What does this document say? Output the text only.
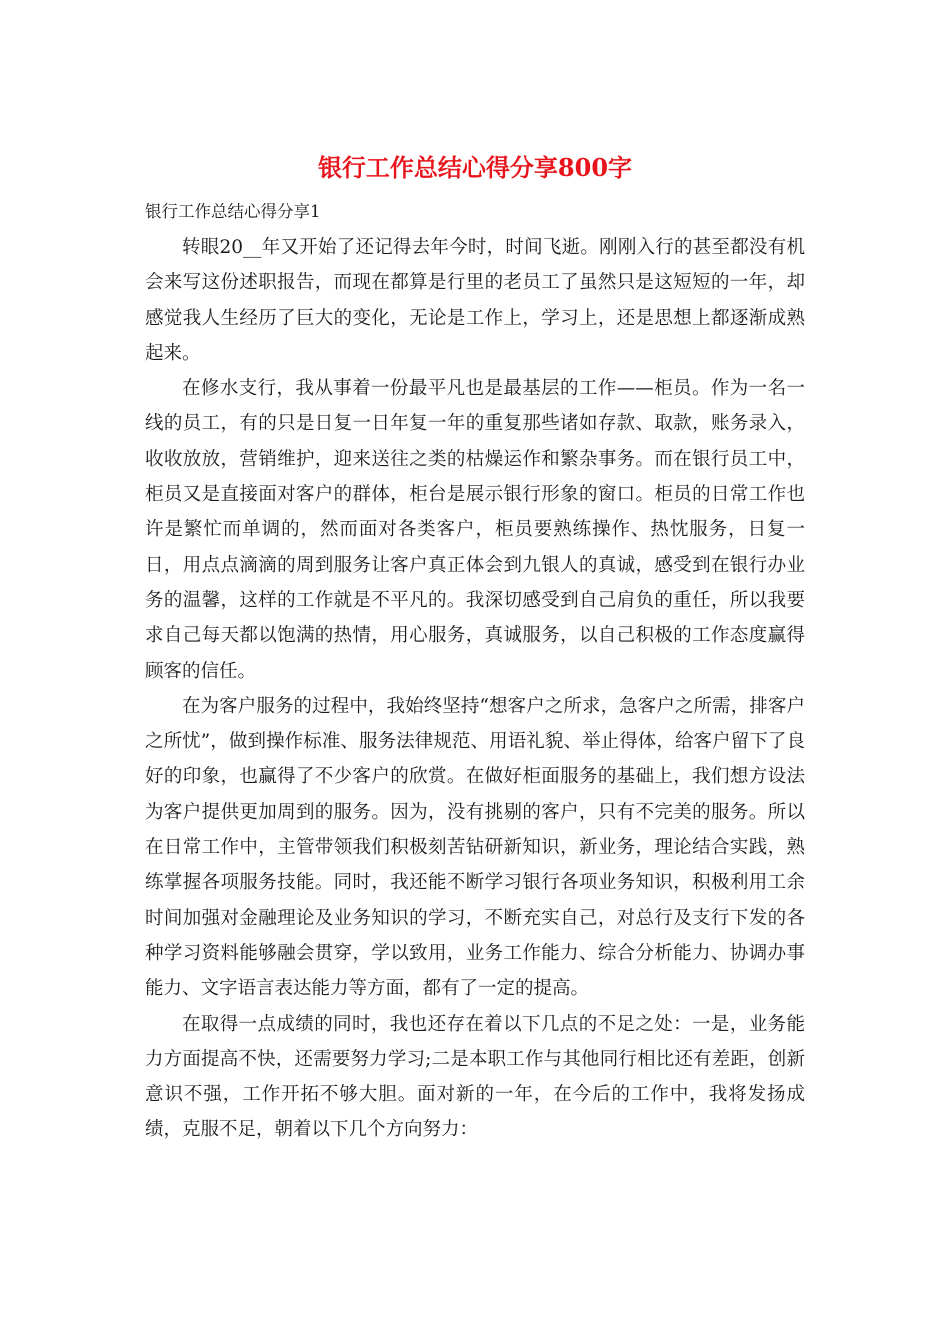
银行工作总结心得分享800字
银行工作总结心得分享1

转眼20__年又开始了还记得去年今时，时间飞逝。刚刚入行的甚至都没有机会来写这份述职报告，而现在都算是行里的老员工了虽然只是这短短的一年，却感觉我人生经历了巨大的变化，无论是工作上，学习上，还是思想上都逐渐成熟起来。

在修水支行，我从事着一份最平凡也是最基层的工作——柜员。作为一名一线的员工，有的只是日复一日年复一年的重复那些诸如存款、取款，账务录入，收收放放，营销维护，迎来送往之类的枯燥运作和繁杂事务。而在银行员工中，柜员又是直接面对客户的群体，柜台是展示银行形象的窗口。柜员的日常工作也许是繁忙而单调的，然而面对各类客户，柜员要熟练操作、热忱服务，日复一日，用点点滴滴的周到服务让客户真正体会到九银人的真诚，感受到在银行办业务的温馨，这样的工作就是不平凡的。我深切感受到自己肩负的重任，所以我要求自己每天都以饱满的热情，用心服务，真诚服务，以自己积极的工作态度赢得顾客的信任。

在为客户服务的过程中，我始终坚持“想客户之所求，急客户之所需，排客户之所忧”，做到操作标准、服务法律规范、用语礼貌、举止得体，给客户留下了良好的印象，也赢得了不少客户的欣赏。在做好柜面服务的基础上，我们想方设法为客户提供更加周到的服务。因为，没有挑剔的客户，只有不完美的服务。所以在日常工作中，主管带领我们积极刻苦钻研新知识，新业务，理论结合实践，熟练掌握各项服务技能。同时，我还能不断学习银行各项业务知识，积极利用工余时间加强对金融理论及业务知识的学习，不断充实自己，对总行及支行下发的各种学习资料能够融会贯穿，学以致用，业务工作能力、综合分析能力、协调办事能力、文字语言表达能力等方面，都有了一定的提高。

在取得一点成绩的同时，我也还存在着以下几点的不足之处：一是，业务能力方面提高不快，还需要努力学习;二是本职工作与其他同行相比还有差距，创新意识不强，工作开拓不够大胆。面对新的一年，在今后的工作中，我将发扬成绩，克服不足，朝着以下几个方向努力：
